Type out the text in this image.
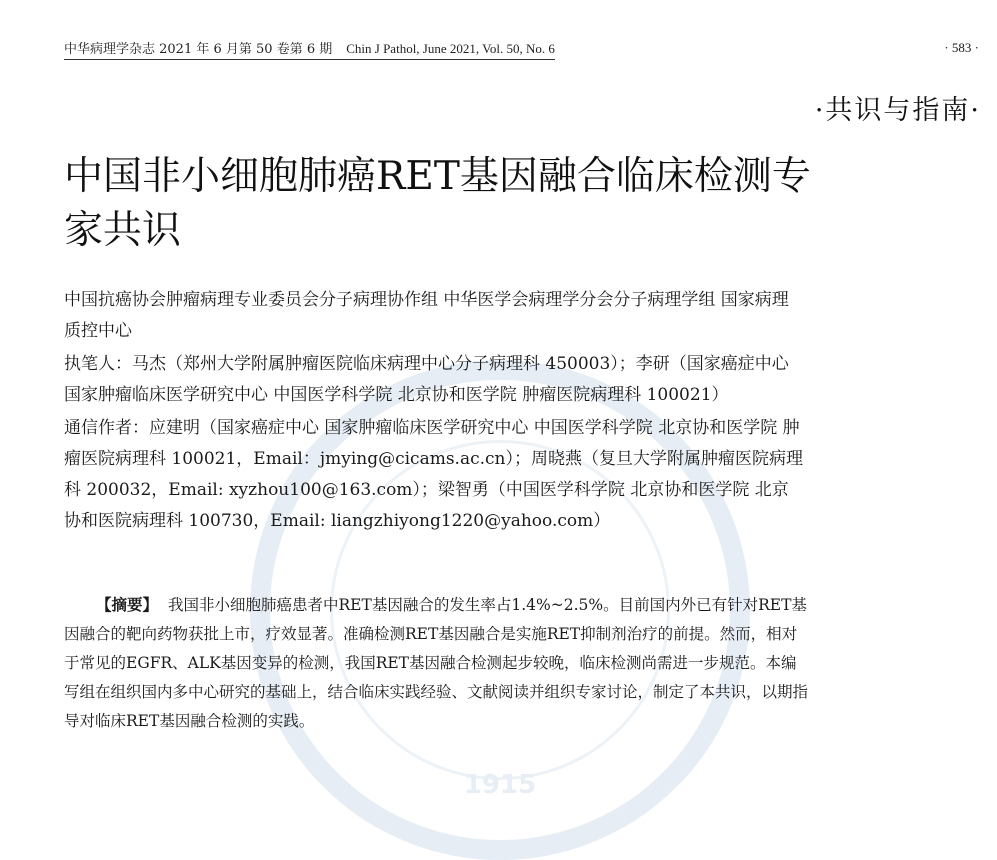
1915
中华病理学杂志 2021 年 6 月第 50 卷第 6 期 Chin J Pathol, June 2021, Vol. 50, No. 6	· 583 ·
·共识与指南·
中国非小细胞肺癌RET基因融合临床检测专家共识

中国抗癌协会肿瘤病理专业委员会分子病理协作组 中华医学会病理学分会分子病理学组 国家病理质控中心

执笔人：马杰（郑州大学附属肿瘤医院临床病理中心分子病理科 450003）；李研（国家癌症中心 国家肿瘤临床医学研究中心 中国医学科学院 北京协和医学院 肿瘤医院病理科 100021）

通信作者：应建明（国家癌症中心 国家肿瘤临床医学研究中心 中国医学科学院 北京协和医学院 肿瘤医院病理科 100021，Email：jmying@cicams.ac.cn）；周晓燕（复旦大学附属肿瘤医院病理科 200032，Email: xyzhou100@163.com）；梁智勇（中国医学科学院 北京协和医学院 北京协和医院病理科 100730，Email: liangzhiyong1220@yahoo.com）

【摘要】 我国非小细胞肺癌患者中RET基因融合的发生率占1.4%~2.5%。目前国内外已有针对RET基因融合的靶向药物获批上市，疗效显著。准确检测RET基因融合是实施RET抑制剂治疗的前提。然而，相对于常见的EGFR、ALK基因变异的检测，我国RET基因融合检测起步较晚，临床检测尚需进一步规范。本编写组在组织国内多中心研究的基础上，结合临床实践经验、文献阅读并组织专家讨论，制定了本共识，以期指导对临床RET基因融合检测的实践。
